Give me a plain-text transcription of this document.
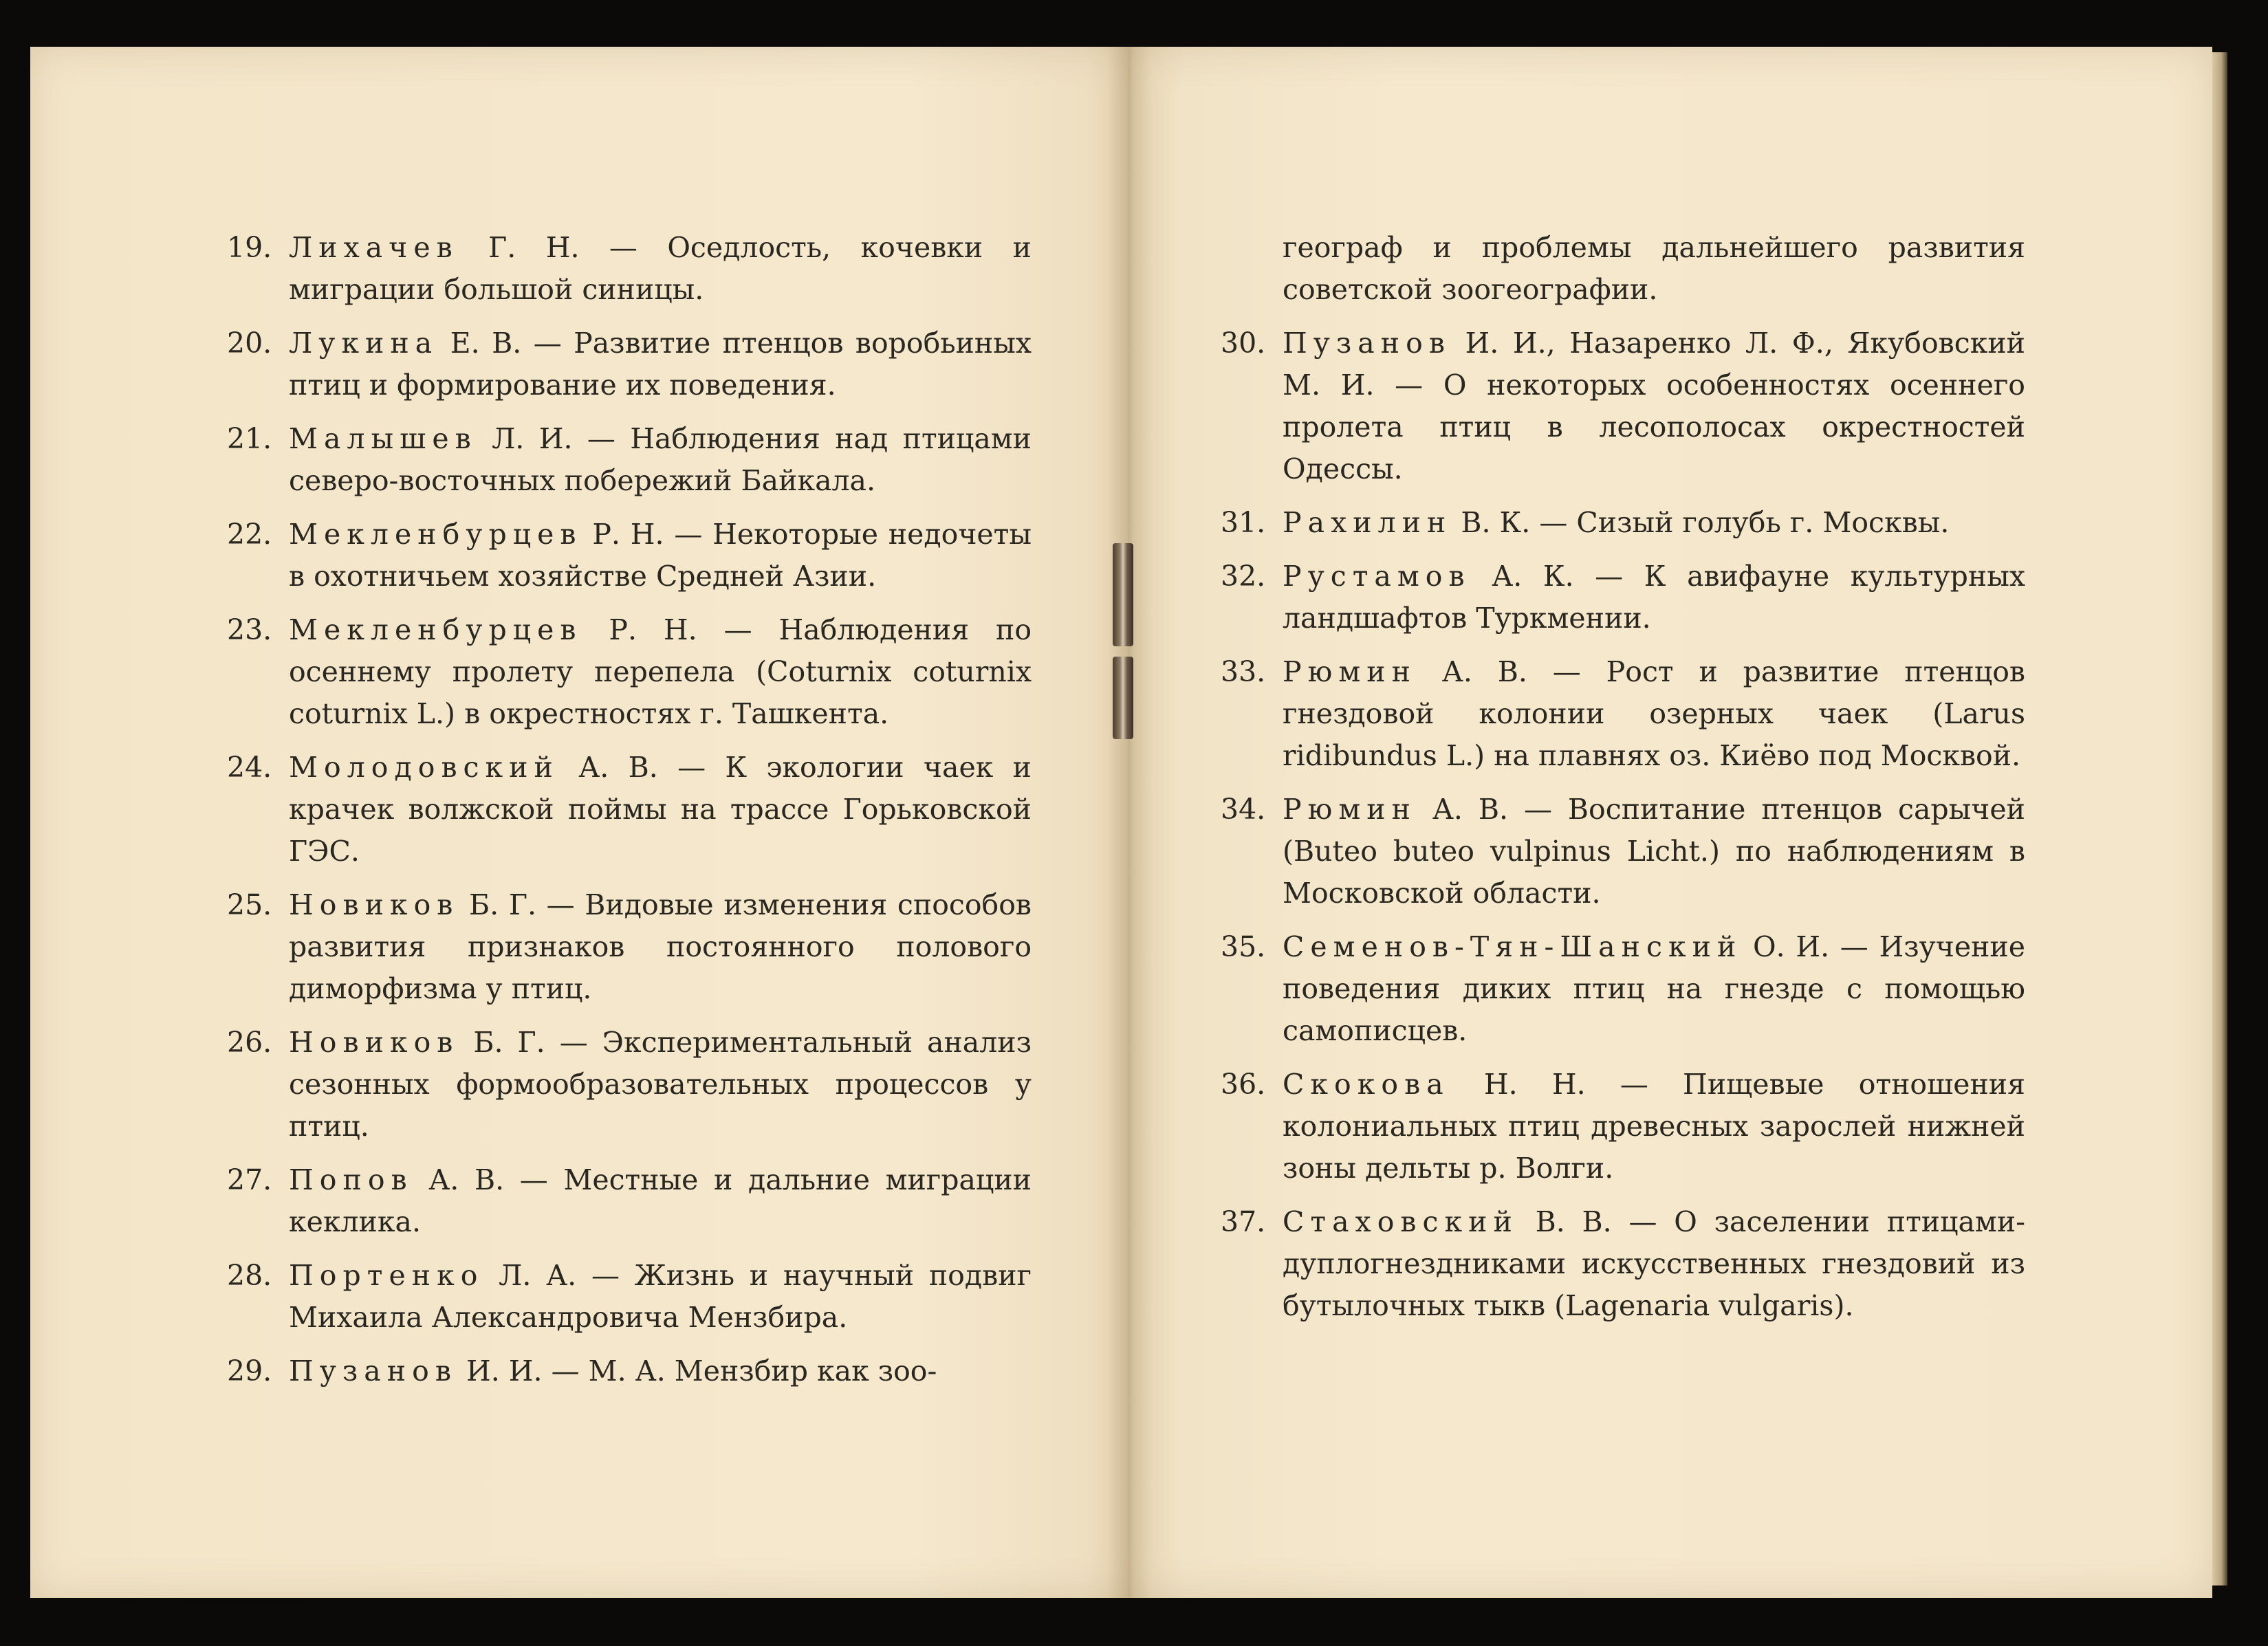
19. Лихачев Г. Н. — Оседлость, кочевки и миграции большой синицы.
20. Лукина Е. В. — Развитие птенцов воробьиных птиц и формирование их поведения.
21. Малышев Л. И. — Наблюдения над птицами северо-восточных побережий Байкала.
22. Мекленбурцев Р. Н. — Некоторые недочеты в охотничьем хозяйстве Средней Азии.
23. Мекленбурцев Р. Н. — Наблюдения по осеннему пролету перепела (Coturnix coturnix coturnix L.) в окрестностях г. Ташкента.
24. Молодовский А. В. — К экологии чаек и крачек волжской поймы на трассе Горьковской ГЭС.
25. Новиков Б. Г. — Видовые изменения способов развития признаков постоянного полового диморфизма у птиц.
26. Новиков Б. Г. — Экспериментальный анализ сезонных формообразовательных процессов у птиц.
27. Попов А. В. — Местные и дальние миграции кеклика.
28. Портенко Л. А. — Жизнь и научный подвиг Михаила Александровича Мензбира.
29. Пузанов И. И. — М. А. Мензбир как зоо-
географ и проблемы дальнейшего развития советской зоогеографии.
30. Пузанов И. И., Назаренко Л. Ф., Якубовский М. И. — О некоторых особенностях осеннего пролета птиц в лесополосах окрестностей Одессы.
31. Рахилин В. К. — Сизый голубь г. Москвы.
32. Рустамов А. К. — К авифауне культурных ландшафтов Туркмении.
33. Рюмин А. В. — Рост и развитие птенцов гнездовой колонии озерных чаек (Larus ridibundus L.) на плавнях оз. Киёво под Москвой.
34. Рюмин А. В. — Воспитание птенцов сарычей (Buteo buteo vulpinus Licht.) по наблюдениям в Московской области.
35. Семенов-Тян-Шанский О. И. — Изучение поведения диких птиц на гнезде с помощью самописцев.
36. Скокова Н. Н. — Пищевые отношения колониальных птиц древесных зарослей нижней зоны дельты р. Волги.
37. Стаховский В. В. — О заселении птицами-дуплогнездниками искусственных гнездовий из бутылочных тыкв (Lagenaria vulgaris).
